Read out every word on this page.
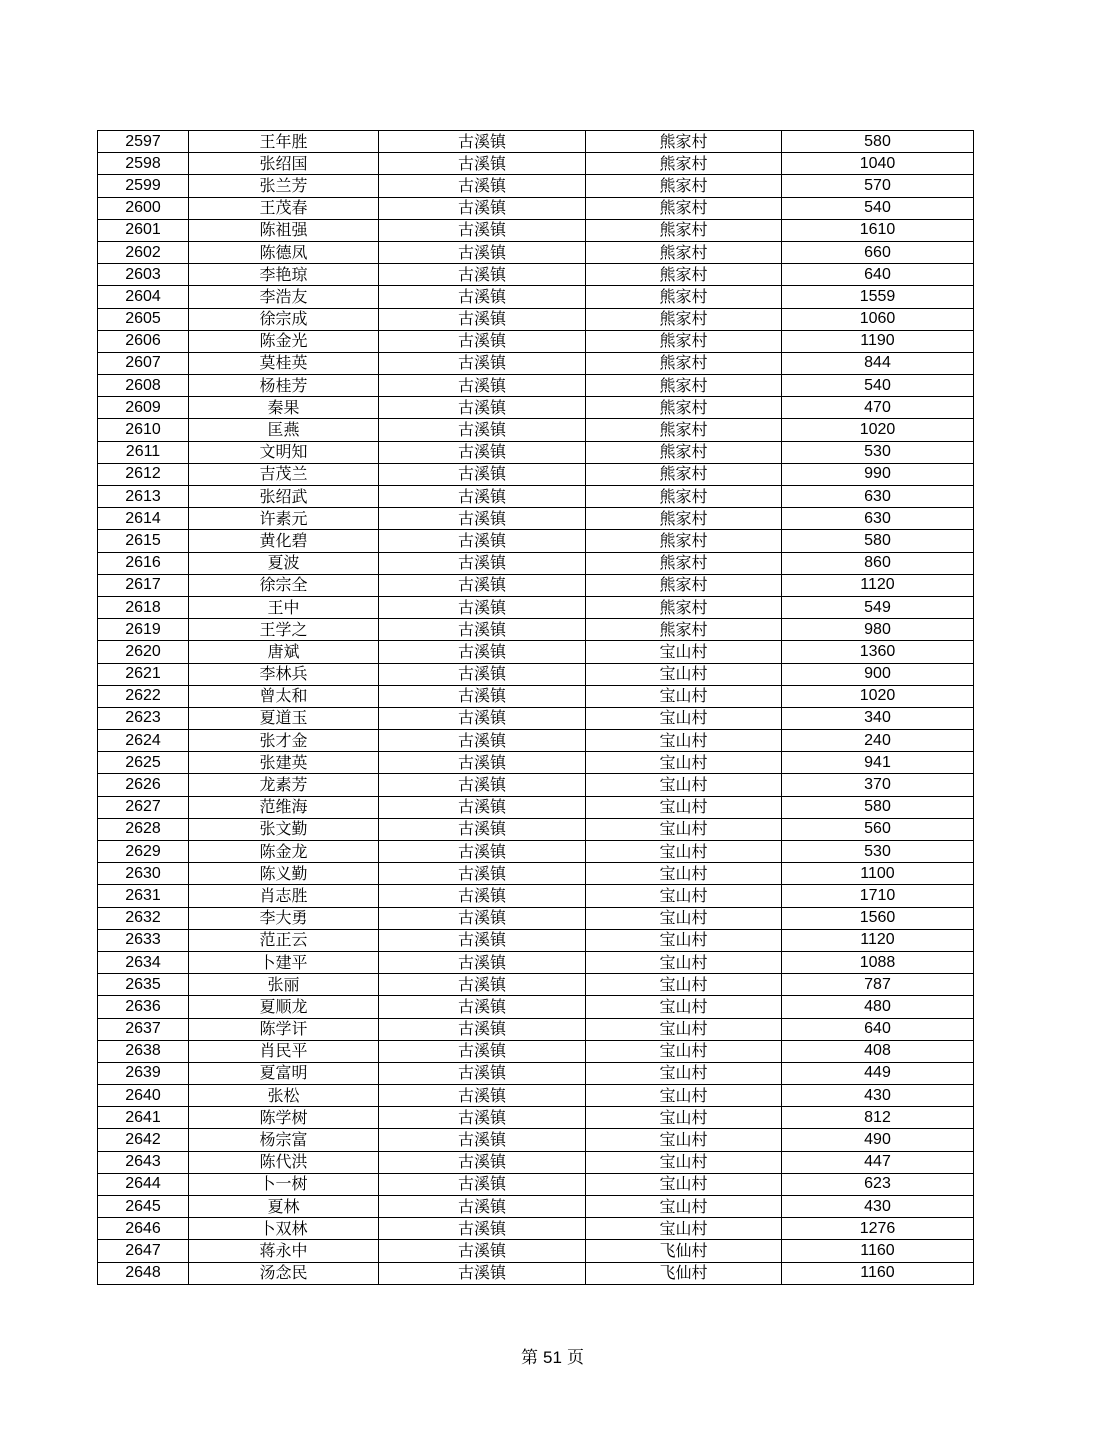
2597	王年胜	古溪镇	熊家村	580
2598	张绍国	古溪镇	熊家村	1040
2599	张兰芳	古溪镇	熊家村	570
2600	王茂春	古溪镇	熊家村	540
2601	陈祖强	古溪镇	熊家村	1610
2602	陈德凤	古溪镇	熊家村	660
2603	李艳琼	古溪镇	熊家村	640
2604	李浩友	古溪镇	熊家村	1559
2605	徐宗成	古溪镇	熊家村	1060
2606	陈金光	古溪镇	熊家村	1190
2607	莫桂英	古溪镇	熊家村	844
2608	杨桂芳	古溪镇	熊家村	540
2609	秦果	古溪镇	熊家村	470
2610	匡燕	古溪镇	熊家村	1020
2611	文明知	古溪镇	熊家村	530
2612	吉茂兰	古溪镇	熊家村	990
2613	张绍武	古溪镇	熊家村	630
2614	许素元	古溪镇	熊家村	630
2615	黄化碧	古溪镇	熊家村	580
2616	夏波	古溪镇	熊家村	860
2617	徐宗全	古溪镇	熊家村	1120
2618	王中	古溪镇	熊家村	549
2619	王学之	古溪镇	熊家村	980
2620	唐斌	古溪镇	宝山村	1360
2621	李林兵	古溪镇	宝山村	900
2622	曾太和	古溪镇	宝山村	1020
2623	夏道玉	古溪镇	宝山村	340
2624	张才金	古溪镇	宝山村	240
2625	张建英	古溪镇	宝山村	941
2626	龙素芳	古溪镇	宝山村	370
2627	范维海	古溪镇	宝山村	580
2628	张文勤	古溪镇	宝山村	560
2629	陈金龙	古溪镇	宝山村	530
2630	陈义勤	古溪镇	宝山村	1100
2631	肖志胜	古溪镇	宝山村	1710
2632	李大勇	古溪镇	宝山村	1560
2633	范正云	古溪镇	宝山村	1120
2634	卜建平	古溪镇	宝山村	1088
2635	张丽	古溪镇	宝山村	787
2636	夏顺龙	古溪镇	宝山村	480
2637	陈学讦	古溪镇	宝山村	640
2638	肖民平	古溪镇	宝山村	408
2639	夏富明	古溪镇	宝山村	449
2640	张松	古溪镇	宝山村	430
2641	陈学树	古溪镇	宝山村	812
2642	杨宗富	古溪镇	宝山村	490
2643	陈代洪	古溪镇	宝山村	447
2644	卜一树	古溪镇	宝山村	623
2645	夏林	古溪镇	宝山村	430
2646	卜双林	古溪镇	宝山村	1276
2647	蒋永中	古溪镇	飞仙村	1160
2648	汤念民	古溪镇	飞仙村	1160
第 51 页
